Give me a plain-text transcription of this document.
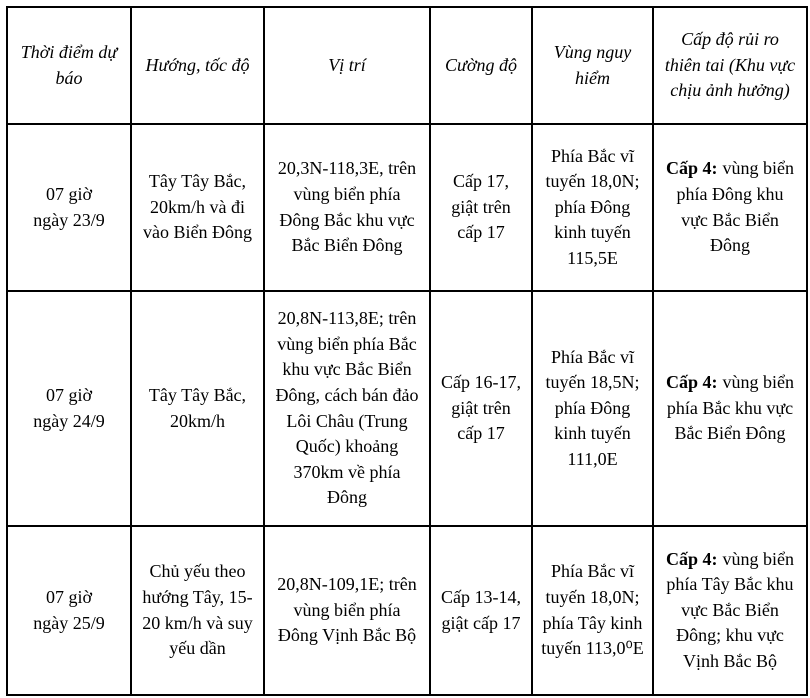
Thời điểm dự báo	Hướng, tốc độ	Vị trí	Cường độ	Vùng nguy hiểm	Cấp độ rủi ro thiên tai (Khu vực chịu ảnh hưởng)

07 giờ
ngày 23/9	Tây Tây Bắc, 20km/h và đi vào Biển Đông	20,3N-118,3E, trên vùng biển phía Đông Bắc khu vực Bắc Biển Đông	Cấp 17, giật trên cấp 17	Phía Bắc vĩ tuyến 18,0N; phía Đông kinh tuyến 115,5E	Cấp 4: vùng biển phía Đông khu vực Bắc Biển Đông

07 giờ
ngày 24/9	Tây Tây Bắc, 20km/h	20,8N-113,8E; trên vùng biển phía Bắc khu vực Bắc Biển Đông, cách bán đảo Lôi Châu (Trung Quốc) khoảng 370km về phía Đông	Cấp 16-17, giật trên cấp 17	Phía Bắc vĩ tuyến 18,5N; phía Đông kinh tuyến 111,0E	Cấp 4: vùng biển phía Bắc khu vực Bắc Biển Đông

07 giờ
ngày 25/9	Chủ yếu theo hướng Tây, 15-20 km/h và suy yếu dần	20,8N-109,1E; trên vùng biển phía Đông Vịnh Bắc Bộ	Cấp 13-14, giật cấp 17	Phía Bắc vĩ tuyến 18,0N; phía Tây kinh tuyến 113,0⁰E	Cấp 4: vùng biển phía Tây Bắc khu vực Bắc Biển Đông; khu vực Vịnh Bắc Bộ
